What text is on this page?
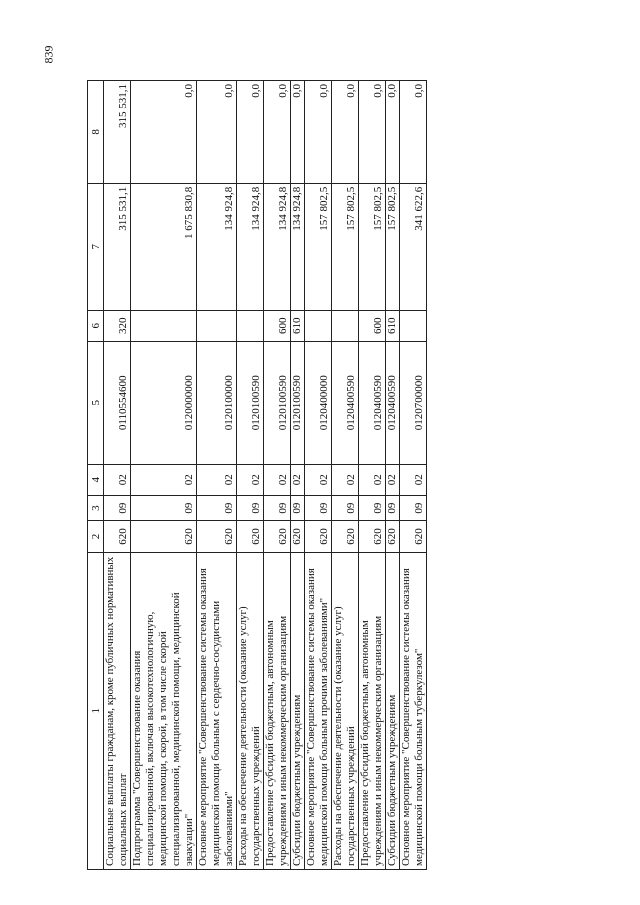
839
1	2	3	4	5	6	7	8
Социальные выплаты гражданам, кроме публичных нормативных социальных выплат	620	09	02	0110554600	320	315 531,1	315 531,1
Подпрограмма "Совершенствование оказания специализированной, включая высокотехнологичную, медицинской помощи, скорой, в том числе скорой специализированной, медицинской помощи, медицинской эвакуации"	620	09	02	0120000000		1 675 830,8	0,0
Основное мероприятие "Совершенствование системы оказания медицинской помощи больным с сердечно-сосудистыми заболеваниями"	620	09	02	0120100000		134 924,8	0,0
Расходы на обеспечение деятельности (оказание услуг) государственных учреждений	620	09	02	0120100590		134 924,8	0,0
Предоставление субсидий бюджетным, автономным учреждениям и иным некоммерческим организациям	620	09	02	0120100590	600	134 924,8	0,0
Субсидии бюджетным учреждениям	620	09	02	0120100590	610	134 924,8	0,0
Основное мероприятие "Совершенствование системы оказания медицинской помощи больным прочими заболеваниями"	620	09	02	0120400000		157 802,5	0,0
Расходы на обеспечение деятельности (оказание услуг) государственных учреждений	620	09	02	0120400590		157 802,5	0,0
Предоставление субсидий бюджетным, автономным учреждениям и иным некоммерческим организациям	620	09	02	0120400590	600	157 802,5	0,0
Субсидии бюджетным учреждениям	620	09	02	0120400590	610	157 802,5	0,0
Основное мероприятие "Совершенствование системы оказания медицинской помощи больным туберкулезом"	620	09	02	0120700000		341 622,6	0,0
